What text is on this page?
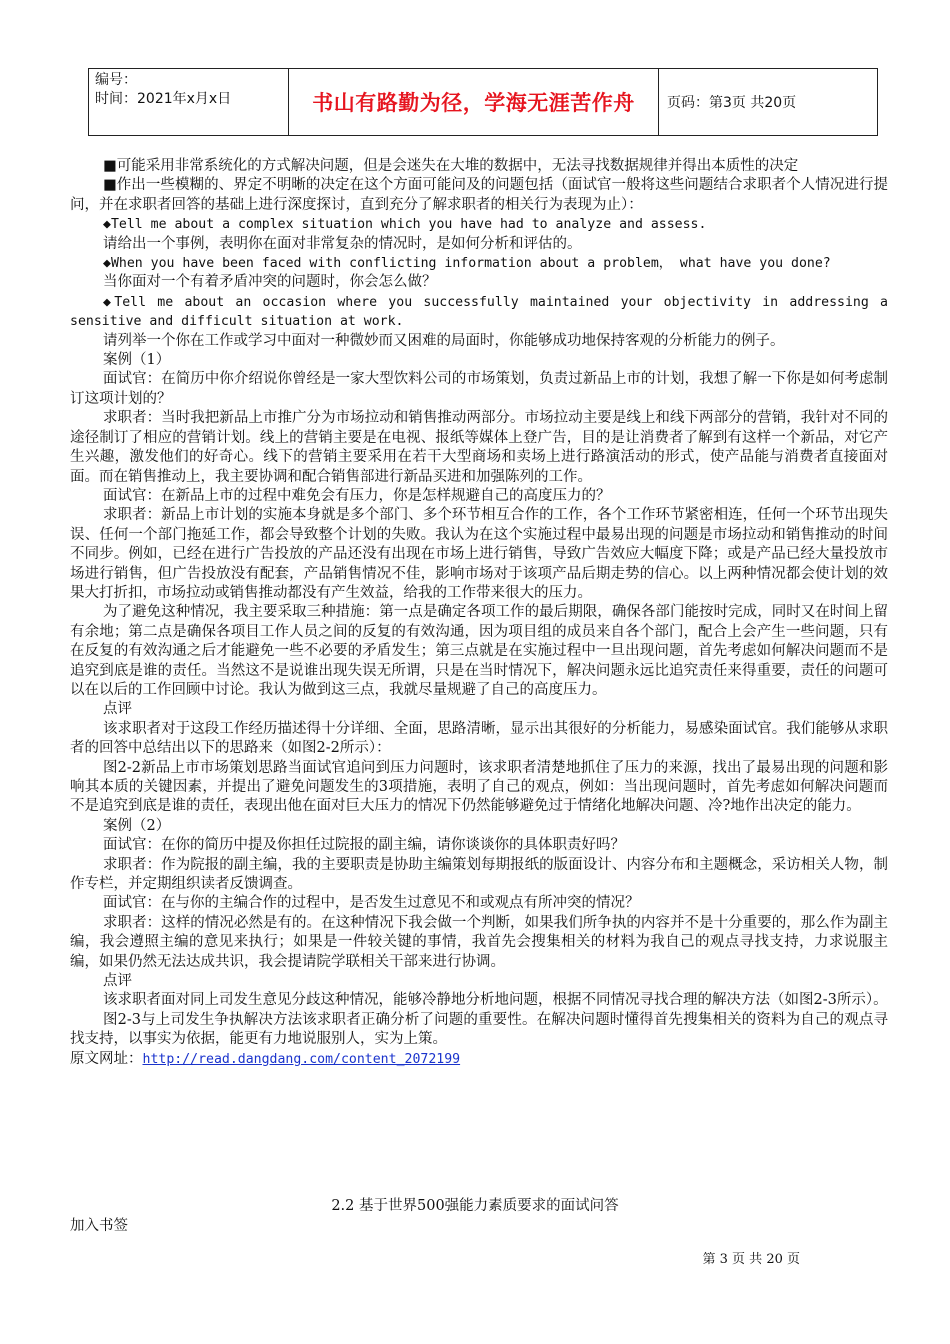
编号：
时间：2021年x月x日	书山有路勤为径，学海无涯苦作舟	页码：第3页 共20页

■可能采用非常系统化的方式解决问题，但是会迷失在大堆的数据中，无法寻找数据规律并得出本质性的决定

■作出一些模糊的、界定不明晰的决定在这个方面可能问及的问题包括（面试官一般将这些问题结合求职者个人情况进行提问，并在求职者回答的基础上进行深度探讨，直到充分了解求职者的相关行为表现为止）：

◆Tell me about a complex situation which you have had to analyze and assess.

请给出一个事例，表明你在面对非常复杂的情况时，是如何分析和评估的。

◆When you have been faced with conflicting information about a problem， what have you done?

当你面对一个有着矛盾冲突的问题时，你会怎么做？

◆Tell me about an occasion where you successfully maintained your objectivity in addressing a sensitive and difficult situation at work.

请列举一个你在工作或学习中面对一种微妙而又困难的局面时，你能够成功地保持客观的分析能力的例子。

案例（1）

面试官：在简历中你介绍说你曾经是一家大型饮料公司的市场策划，负责过新品上市的计划，我想了解一下你是如何考虑制订这项计划的？

求职者：当时我把新品上市推广分为市场拉动和销售推动两部分。市场拉动主要是线上和线下两部分的营销，我针对不同的途径制订了相应的营销计划。线上的营销主要是在电视、报纸等媒体上登广告，目的是让消费者了解到有这样一个新品，对它产生兴趣，激发他们的好奇心。线下的营销主要采用在若干大型商场和卖场上进行路演活动的形式，使产品能与消费者直接面对面。而在销售推动上，我主要协调和配合销售部进行新品买进和加强陈列的工作。

面试官：在新品上市的过程中难免会有压力，你是怎样规避自己的高度压力的？

求职者：新品上市计划的实施本身就是多个部门、多个环节相互合作的工作，各个工作环节紧密相连，任何一个环节出现失误、任何一个部门拖延工作，都会导致整个计划的失败。我认为在这个实施过程中最易出现的问题是市场拉动和销售推动的时间不同步。例如，已经在进行广告投放的产品还没有出现在市场上进行销售，导致广告效应大幅度下降；或是产品已经大量投放市场进行销售，但广告投放没有配套，产品销售情况不佳，影响市场对于该项产品后期走势的信心。以上两种情况都会使计划的效果大打折扣，市场拉动或销售推动都没有产生效益，给我的工作带来很大的压力。

为了避免这种情况，我主要采取三种措施：第一点是确定各项工作的最后期限，确保各部门能按时完成，同时又在时间上留有余地；第二点是确保各项目工作人员之间的反复的有效沟通，因为项目组的成员来自各个部门，配合上会产生一些问题，只有在反复的有效沟通之后才能避免一些不必要的矛盾发生；第三点就是在实施过程中一旦出现问题，首先考虑如何解决问题而不是追究到底是谁的责任。当然这不是说谁出现失误无所谓，只是在当时情况下，解决问题永远比追究责任来得重要，责任的问题可以在以后的工作回顾中讨论。我认为做到这三点，我就尽量规避了自己的高度压力。

点评

该求职者对于这段工作经历描述得十分详细、全面，思路清晰，显示出其很好的分析能力，易感染面试官。我们能够从求职者的回答中总结出以下的思路来（如图2-2所示）：

图2-2新品上市市场策划思路当面试官追问到压力问题时，该求职者清楚地抓住了压力的来源，找出了最易出现的问题和影响其本质的关键因素，并提出了避免问题发生的3项措施，表明了自己的观点，例如：当出现问题时，首先考虑如何解决问题而不是追究到底是谁的责任，表现出他在面对巨大压力的情况下仍然能够避免过于情绪化地解决问题、冷?地作出决定的能力。

案例（2）

面试官：在你的简历中提及你担任过院报的副主编，请你谈谈你的具体职责好吗？

求职者：作为院报的副主编，我的主要职责是协助主编策划每期报纸的版面设计、内容分布和主题概念，采访相关人物，制作专栏，并定期组织读者反馈调查。

面试官：在与你的主编合作的过程中，是否发生过意见不和或观点有所冲突的情况？

求职者：这样的情况必然是有的。在这种情况下我会做一个判断，如果我们所争执的内容并不是十分重要的，那么作为副主编，我会遵照主编的意见来执行；如果是一件较关键的事情，我首先会搜集相关的材料为我自己的观点寻找支持，力求说服主编，如果仍然无法达成共识，我会提请院学联相关干部来进行协调。

点评

该求职者面对同上司发生意见分歧这种情况，能够冷静地分析地问题，根据不同情况寻找合理的解决方法（如图2-3所示）。

图2-3与上司发生争执解决方法该求职者正确分析了问题的重要性。在解决问题时懂得首先搜集相关的资料为自己的观点寻找支持，以事实为依据，能更有力地说服别人，实为上策。

原文网址：http://read.dangdang.com/content_2072199

2.2 基于世界500强能力素质要求的面试问答
加入书签
第 3 页 共 20 页
